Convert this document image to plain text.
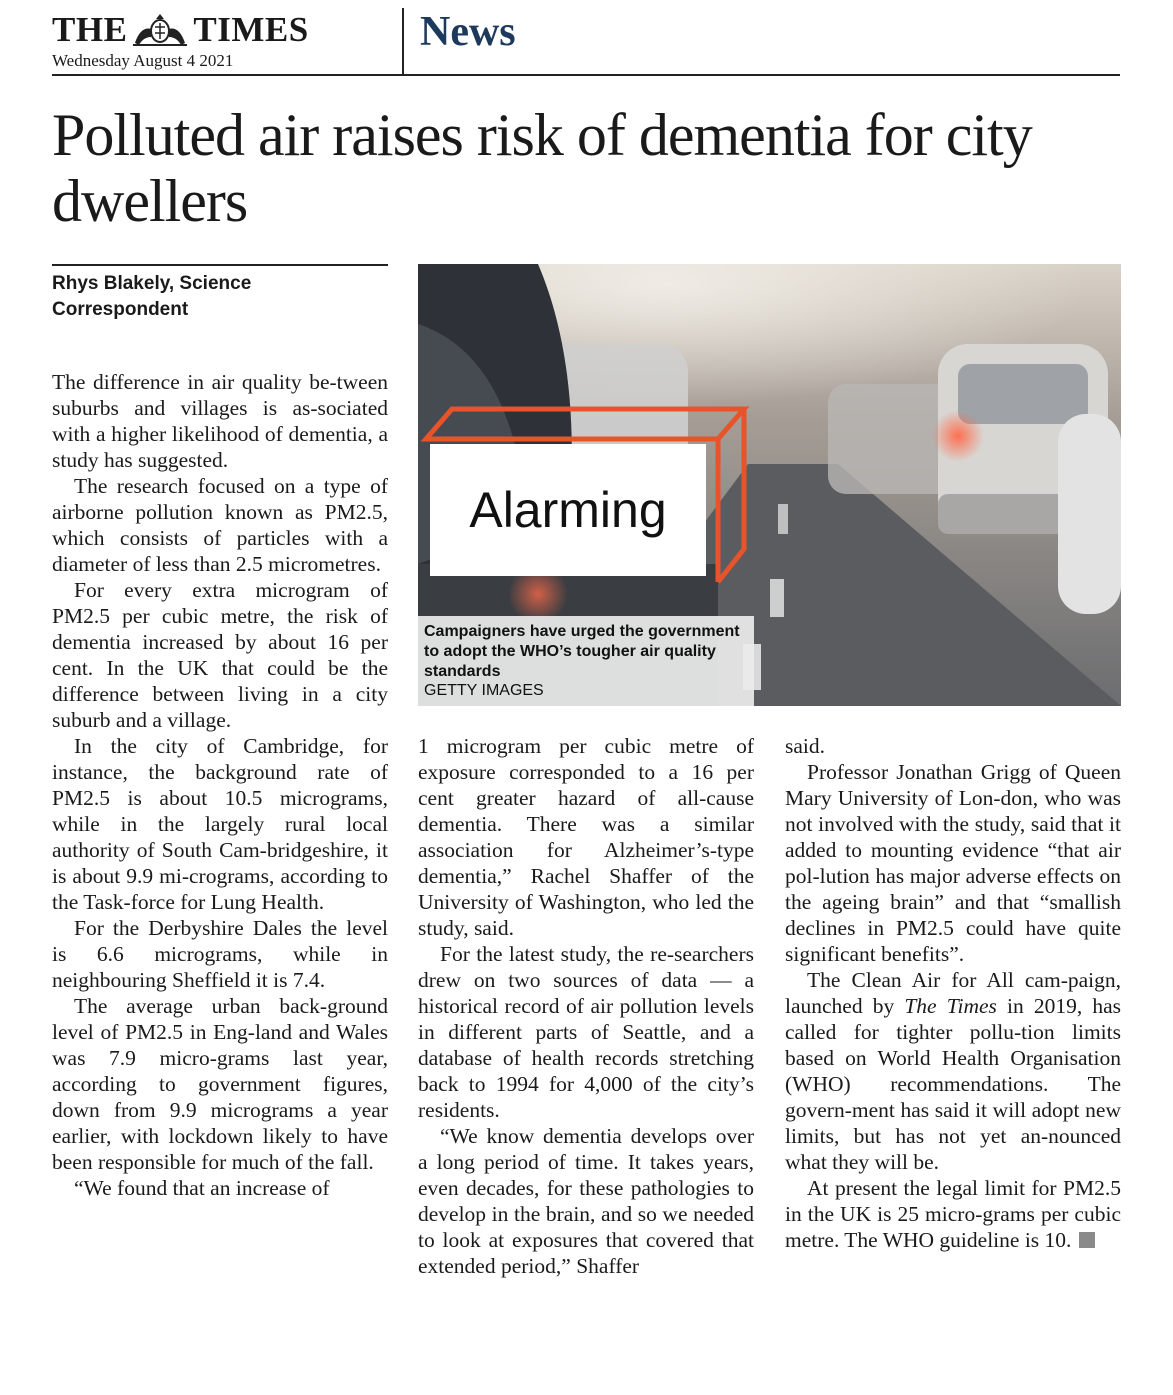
THE TIMES
Wednesday August 4 2021
News
Polluted air raises risk of dementia for city dwellers
Rhys Blakely, Science Correspondent

The difference in air quality be-tween suburbs and villages is as-sociated with a higher likelihood of dementia, a study has suggested.

The research focused on a type of airborne pollution known as PM2.5, which consists of particles with a diameter of less than 2.5 micrometres.

For every extra microgram of PM2.5 per cubic metre, the risk of dementia increased by about 16 per cent. In the UK that could be the difference between living in a city suburb and a village.

In the city of Cambridge, for instance, the background rate of PM2.5 is about 10.5 micrograms, while in the largely rural local authority of South Cam-bridgeshire, it is about 9.9 mi-crograms, according to the Task-force for Lung Health.

For the Derbyshire Dales the level is 6.6 micrograms, while in neighbouring Sheffield it is 7.4.

The average urban back-ground level of PM2.5 in Eng-land and Wales was 7.9 micro-grams last year, according to government figures, down from 9.9 micrograms a year earlier, with lockdown likely to have been responsible for much of the fall.

“We found that an increase of

Alarming
Campaigners have urged the government to adopt the WHO’s tougher air quality standards
GETTY IMAGES

1 microgram per cubic metre of exposure corresponded to a 16 per cent greater hazard of all-cause dementia. There was a similar association for Alzheimer’s-type dementia,” Rachel Shaffer of the University of Washington, who led the study, said.

For the latest study, the re-searchers drew on two sources of data — a historical record of air pollution levels in different parts of Seattle, and a database of health records stretching back to 1994 for 4,000 of the city’s residents.

“We know dementia develops over a long period of time. It takes years, even decades, for these pathologies to develop in the brain, and so we needed to look at exposures that covered that extended period,” Shaffer

said.

Professor Jonathan Grigg of Queen Mary University of Lon-don, who was not involved with the study, said that it added to mounting evidence “that air pol-lution has major adverse effects on the ageing brain” and that “smallish declines in PM2.5 could have quite significant benefits”.

The Clean Air for All cam-paign, launched by The Times in 2019, has called for tighter pollu-tion limits based on World Health Organisation (WHO) recommendations. The govern-ment has said it will adopt new limits, but has not yet an-nounced what they will be.

At present the legal limit for PM2.5 in the UK is 25 micro-grams per cubic metre. The WHO guideline is 10.
